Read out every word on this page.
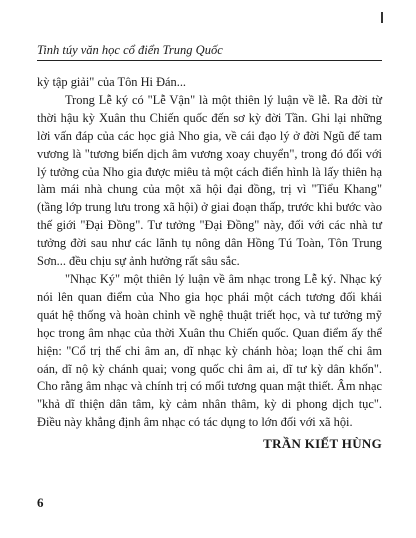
Tinh túy văn học cổ điển Trung Quốc

kỳ tập giải" của Tôn Hi Đán...

Trong Lễ ký có "Lễ Vận" là một thiên lý luận về lễ. Ra đời từ thời hậu kỳ Xuân thu Chiến quốc đến sơ kỳ đời Tần. Ghi lại những lời vấn đáp của các học giả Nho gia, về cái đạo lý ở đời Ngũ đế tam vương là "tương biến dịch âm vương xoay chuyển", trong đó đối với lý tưởng của Nho gia được miêu tả một cách điển hình là lấy thiên hạ làm mái nhà chung của một xã hội đại đồng, trị vì "Tiểu Khang" (tầng lớp trung lưu trong xã hội) ở giai đoạn thấp, trước khi bước vào thế giới "Đại Đồng". Tư tưởng "Đại Đồng" này, đối với các nhà tư tưởng đời sau như các lãnh tụ nông dân Hồng Tú Toàn, Tôn Trung Sơn... đều chịu sự ảnh hưởng rất sâu sắc.

"Nhạc Ký" một thiên lý luận về âm nhạc trong Lễ ký. Nhạc ký nói lên quan điểm của Nho gia học phái một cách tương đối khái quát hệ thống và hoàn chỉnh về nghệ thuật triết học, và tư tưởng mỹ học trong âm nhạc của thời Xuân thu Chiến quốc. Quan điểm ấy thể hiện: "Cổ trị thế chi âm an, dĩ nhạc kỳ chánh hòa; loạn thế chi âm oán, dĩ nộ kỳ chánh quai; vong quốc chi âm ai, dĩ tư kỳ dân khốn". Cho rằng âm nhạc và chính trị có mối tương quan mật thiết. Âm nhạc "khả dĩ thiện dân tâm, kỳ cảm nhân thâm, kỳ di phong dịch tục". Điều này khẳng định âm nhạc có tác dụng to lớn đối với xã hội.

TRẦN KIẾT HÙNG
6
